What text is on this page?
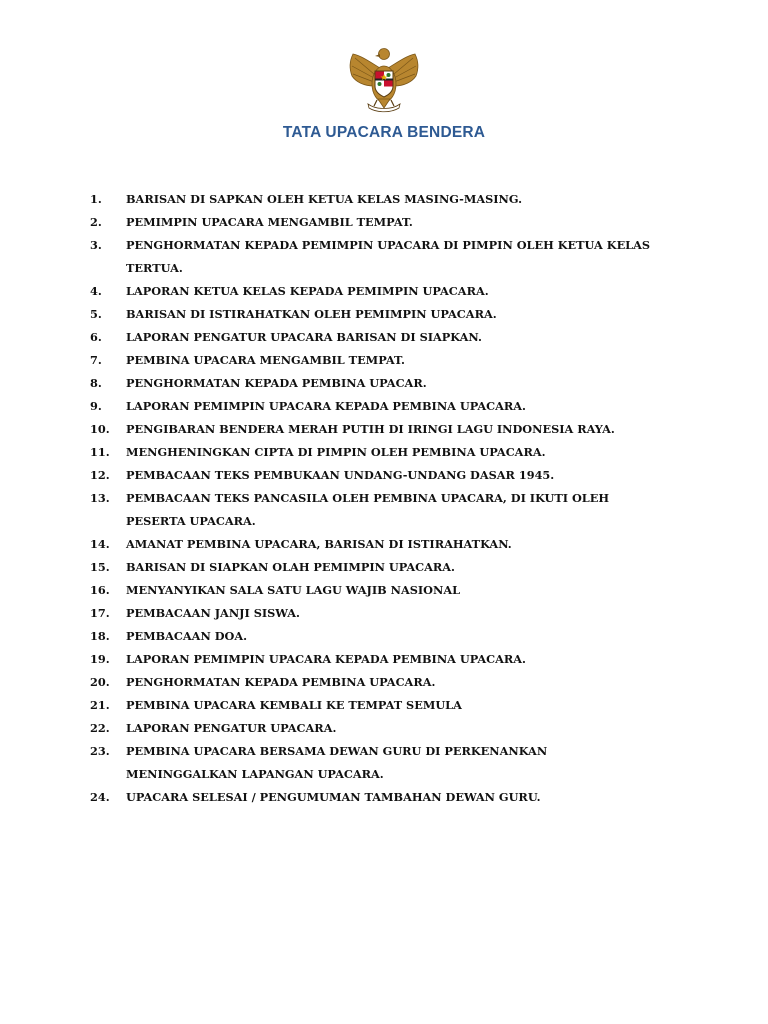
TATA UPACARA BENDERA
1.	BARISAN DI SAPKAN OLEH KETUA KELAS MASING-MASING.
2.	PEMIMPIN UPACARA MENGAMBIL TEMPAT.
3.	PENGHORMATAN KEPADA PEMIMPIN UPACARA DI PIMPIN OLEH KETUA KELAS
TERTUA.
4.	LAPORAN KETUA KELAS KEPADA PEMIMPIN UPACARA.
5.	BARISAN DI ISTIRAHATKAN OLEH PEMIMPIN UPACARA.
6.	LAPORAN PENGATUR UPACARA BARISAN DI SIAPKAN.
7.	PEMBINA UPACARA MENGAMBIL TEMPAT.
8.	PENGHORMATAN KEPADA PEMBINA UPACAR.
9.	LAPORAN PEMIMPIN UPACARA KEPADA PEMBINA UPACARA.
10.	PENGIBARAN BENDERA MERAH PUTIH DI IRINGI LAGU INDONESIA RAYA.
11.	MENGHENINGKAN CIPTA DI PIMPIN OLEH PEMBINA UPACARA.
12.	PEMBACAAN TEKS PEMBUKAAN UNDANG-UNDANG DASAR 1945.
13.	PEMBACAAN TEKS PANCASILA OLEH PEMBINA UPACARA, DI IKUTI OLEH
PESERTA UPACARA.
14.	AMANAT PEMBINA UPACARA, BARISAN DI ISTIRAHATKAN.
15.	BARISAN DI SIAPKAN OLAH PEMIMPIN UPACARA.
16.	MENYANYIKAN SALA SATU LAGU WAJIB NASIONAL
17.	PEMBACAAN JANJI SISWA.
18.	PEMBACAAN DOA.
19.	LAPORAN PEMIMPIN UPACARA KEPADA PEMBINA UPACARA.
20.	PENGHORMATAN KEPADA PEMBINA UPACARA.
21.	PEMBINA UPACARA KEMBALI KE TEMPAT SEMULA
22.	LAPORAN PENGATUR UPACARA.
23.	PEMBINA UPACARA BERSAMA DEWAN GURU DI PERKENANKAN
MENINGGALKAN LAPANGAN UPACARA.
24.	UPACARA SELESAI / PENGUMUMAN TAMBAHAN DEWAN GURU.
